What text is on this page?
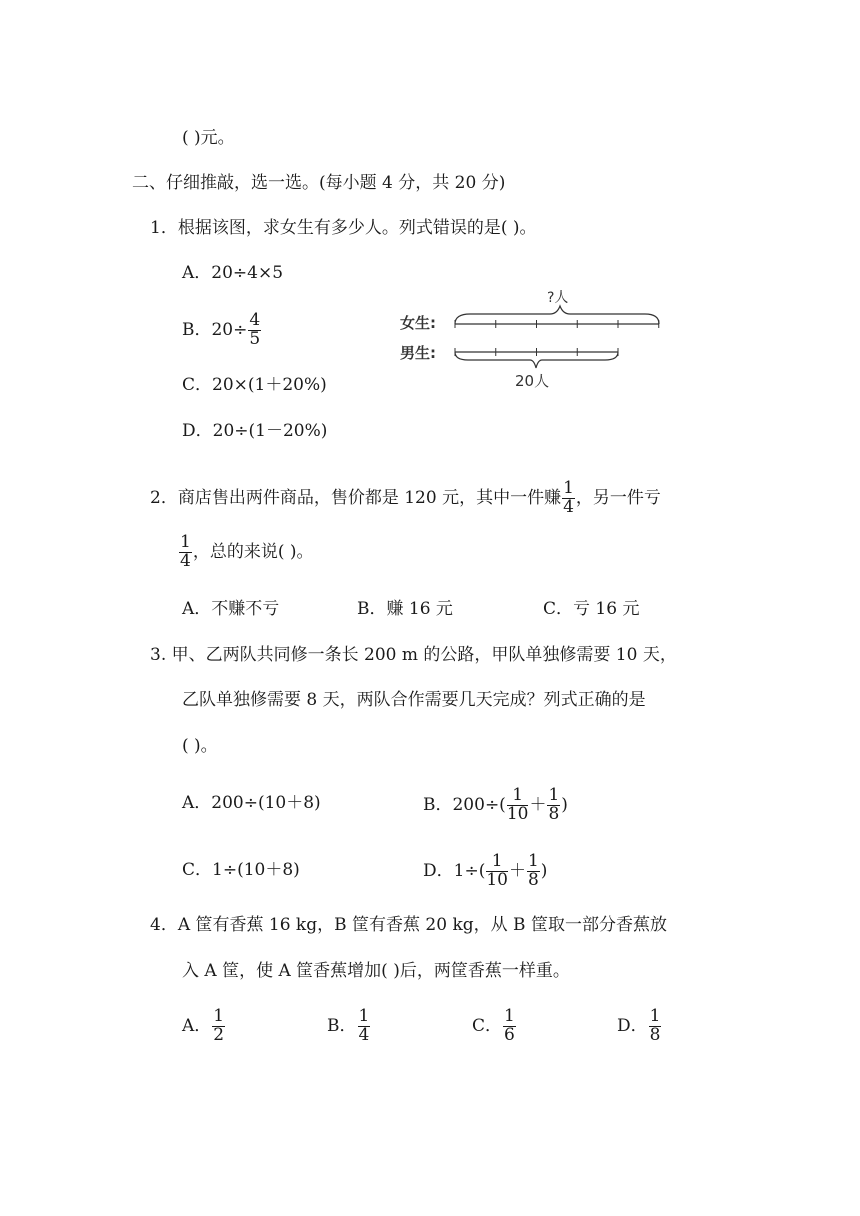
( )元。
二、仔细推敲，选一选。(每小题 4 分，共 20 分)
1．根据该图，求女生有多少人。列式错误的是( )。
A．20÷4×5
B．$20\div \frac{4}{5}$
C．20×(1＋20%)
D．20÷(1－20%)
?人
女生:
男生:
20人
2．商店售出两件商品，售价都是 120 元，其中一件赚 $\frac{1}{4}$ ，另一件亏
$\frac{1}{4}$ ，总的来说( )。
A．不赚不亏	B．赚 16 元	C．亏 16 元
3. 甲、乙两队共同修一条长 200 m 的公路，甲队单独修需要 10 天，
乙队单独修需要 8 天，两队合作需要几天完成？列式正确的是
( )。
A．200÷(10＋8)	B．$200\div( \frac{1}{10} + \frac{1}{8}$ )
C．1÷(10＋8)	D．$1\div( \frac{1}{10} + \frac{1}{8}$ )
4．A 筐有香蕉 16 kg，B 筐有香蕉 20 kg，从 B 筐取一部分香蕉放
入 A 筐，使 A 筐香蕉增加( )后，两筐香蕉一样重。
A． $\frac{1}{2}$	B． $\frac{1}{4}$	C． $\frac{1}{6}$	D． $\frac{1}{8}$
